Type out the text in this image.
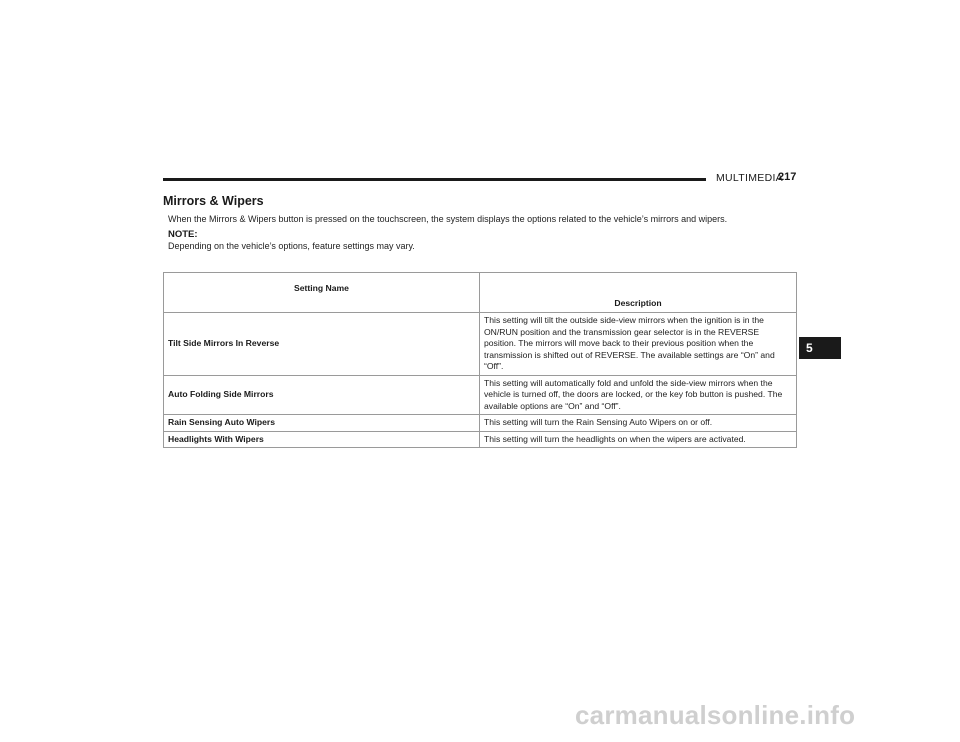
MULTIMEDIA
217
Mirrors & Wipers

When the Mirrors & Wipers button is pressed on the touchscreen, the system displays the options related to the vehicle’s mirrors and wipers.

NOTE:

Depending on the vehicle’s options, feature settings may vary.

Setting Name	Description
Tilt Side Mirrors In Reverse	This setting will tilt the outside side-view mirrors when the ignition is in the ON/RUN position and the transmission gear selector is in the REVERSE position. The mirrors will move back to their previous position when the transmission is shifted out of REVERSE. The available settings are “On” and “Off”.
Auto Folding Side Mirrors	This setting will automatically fold and unfold the side-view mirrors when the vehicle is turned off, the doors are locked, or the key fob button is pushed. The available options are “On” and “Off”.
Rain Sensing Auto Wipers	This setting will turn the Rain Sensing Auto Wipers on or off.
Headlights With Wipers	This setting will turn the headlights on when the wipers are activated.
5
carmanualsonline.info
